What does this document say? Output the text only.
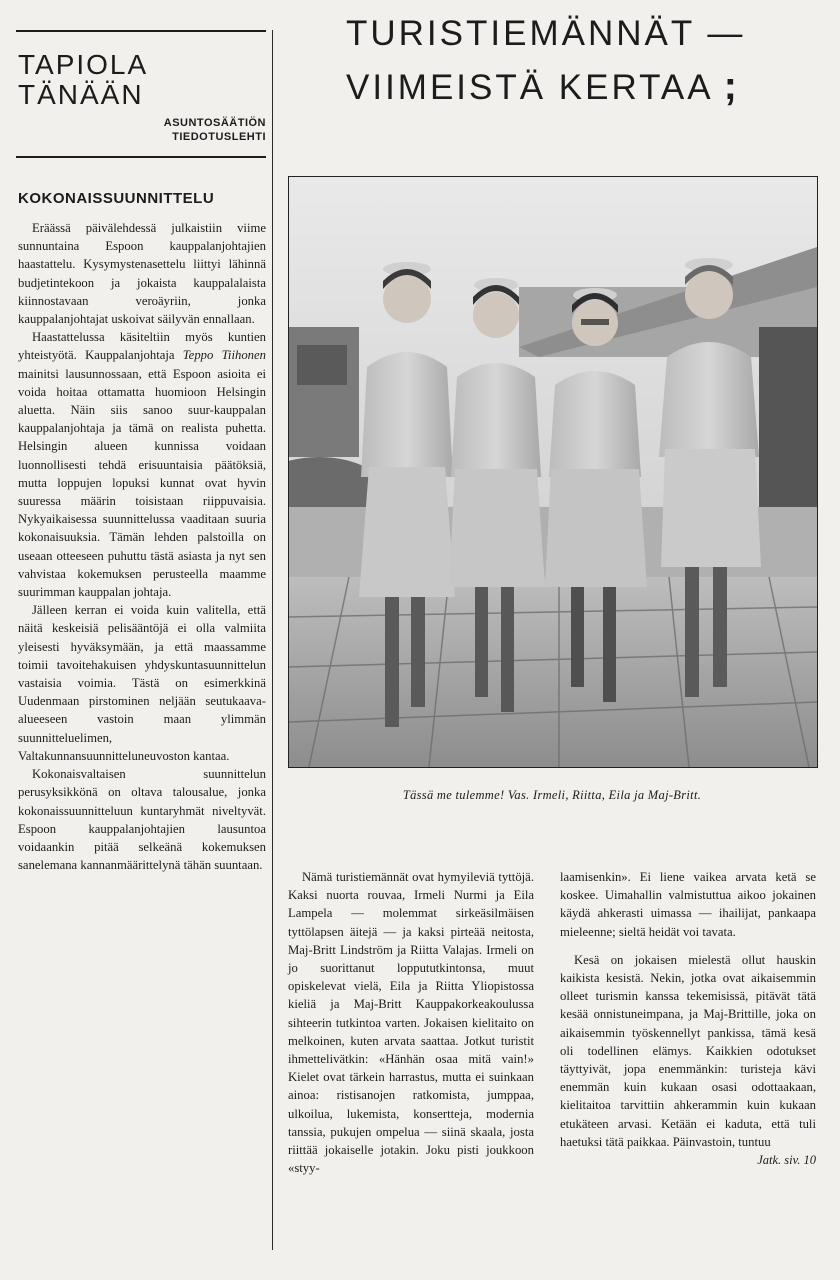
TAPIOLA
TÄNÄÄN
ASUNTOSÄÄTIÖN
TIEDOTUSLEHTI
TURISTIEMÄNNÄT —
VIIMEISTÄ KERTAA ;
KOKONAISSUUNNITTELU

Eräässä päivälehdessä julkaistiin viime sunnuntaina Espoon kauppalanjohtajien haastattelu. Kysymystenasettelu liittyi lähinnä budjetintekoon ja jokaista kauppalalaista kiinnostavaan veroäyriin, jonka kauppalanjohtajat uskoivat säilyvän ennallaan.

Haastattelussa käsiteltiin myös kuntien yhteistyötä. Kauppalanjohtaja Teppo Tiihonen mainitsi lausunnossaan, että Espoon asioita ei voida hoitaa ottamatta huomioon Helsingin aluetta. Näin siis sanoo suur-kauppalan kauppalanjohtaja ja tämä on realista puhetta. Helsingin alueen kunnissa voidaan luonnollisesti tehdä erisuuntaisia päätöksiä, mutta loppujen lopuksi kunnat ovat hyvin suuressa määrin toisistaan riippuvaisia. Nykyaikaisessa suunnittelussa vaaditaan suuria kokonaisuuksia. Tämän lehden palstoilla on useaan otteeseen puhuttu tästä asiasta ja nyt sen vahvistaa kokemuksen perusteella maamme suurimman kauppalan johtaja.

Jälleen kerran ei voida kuin valitella, että näitä keskeisiä pelisääntöjä ei olla valmiita yleisesti hyväksymään, ja että maassamme toimii tavoitehakuisen yhdyskuntasuunnittelun vastaisia voimia. Tästä on esimerkkinä Uudenmaan pirstominen neljään seutukaava-alueeseen vastoin maan ylimmän suunnitteluelimen, Valtakunnansuunnitteluneuvoston kantaa.

Kokonaisvaltaisen suunnittelun perusyksikkönä on oltava talousalue, jonka kokonaissuunnitteluun kuntaryhmät niveltyvät. Espoon kauppalanjohtajien lausuntoa voidaankin pitää selkeänä kokemuksen sanelemana kannanmäärittelynä tähän suuntaan.

Tässä me tulemme! Vas. Irmeli, Riitta, Eila ja Maj-Britt.

Nämä turistiemännät ovat hymyileviä tyttöjä. Kaksi nuorta rouvaa, Irmeli Nurmi ja Eila Lampela — molemmat sirkeäsilmäisen tyttölapsen äitejä — ja kaksi pirteää neitosta, Maj-Britt Lindström ja Riitta Valajas. Irmeli on jo suorittanut loppututkintonsa, muut opiskelevat vielä, Eila ja Riitta Yliopistossa kieliä ja Maj-Britt Kauppakorkeakoulussa sihteerin tutkintoa varten. Jokaisen kielitaito on melkoinen, kuten arvata saattaa. Jotkut turistit ihmettelivätkin: «Hänhän osaa mitä vain!» Kielet ovat tärkein harrastus, mutta ei suinkaan ainoa: ristisanojen ratkomista, jumppaa, ulkoilua, lukemista, konserttejа, modernia tanssia, pukujen ompelua — siinä skaala, josta riittää jokaiselle jotakin. Joku pisti joukkoon «styy-

laamisenkin». Ei liene vaikea arvata ketä se koskee. Uimahallin valmistuttua aikoo jokainen käydä ahkerasti uimassa — ihailijat, pankaapa mieleenne; sieltä heidät voi tavata.

Kesä on jokaisen mielestä ollut hauskin kaikista kesistä. Nekin, jotka ovat aikaisemmin olleet turismin kanssa tekemisissä, pitävät tätä kesää onnistuneimpana, ja Maj-Brittille, joka on aikaisemmin työskennellyt pankissa, tämä kesä oli todellinen elämys. Kaikkien odotukset täyttyivät, jopa enemmänkin: turisteja kävi enemmän kuin kukaan osasi odottaakaan, kielitaitoa tarvittiin ahkerammin kuin kukaan etukäteen arvasi. Ketään ei kaduta, että tuli haetuksi tätä paikkaa. Päinvastoin, tuntuu

Jatk. siv. 10
